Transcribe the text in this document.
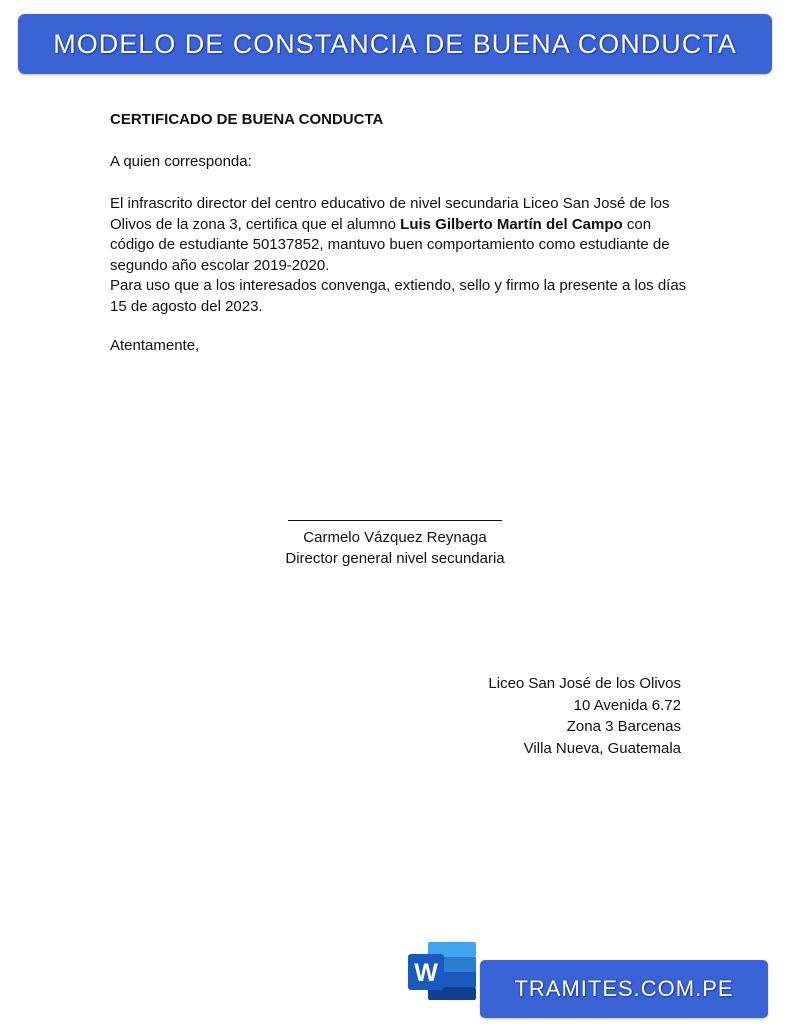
MODELO DE CONSTANCIA DE BUENA CONDUCTA

CERTIFICADO DE BUENA CONDUCTA

A quien corresponda:

El infrascrito director del centro educativo de nivel secundaria Liceo San José de los Olivos de la zona 3, certifica que el alumno Luis Gilberto Martín del Campo con código de estudiante 50137852, mantuvo buen comportamiento como estudiante de segundo año escolar 2019-2020.
Para uso que a los interesados convenga, extiendo, sello y firmo la presente a los días 15 de agosto del 2023.

Atentamente,

Carmelo Vázquez Reynaga
Director general nivel secundaria
Liceo San José de los Olivos
10 Avenida 6.72
Zona 3 Barcenas
Villa Nueva, Guatemala
W
TRAMITES.COM.PE
